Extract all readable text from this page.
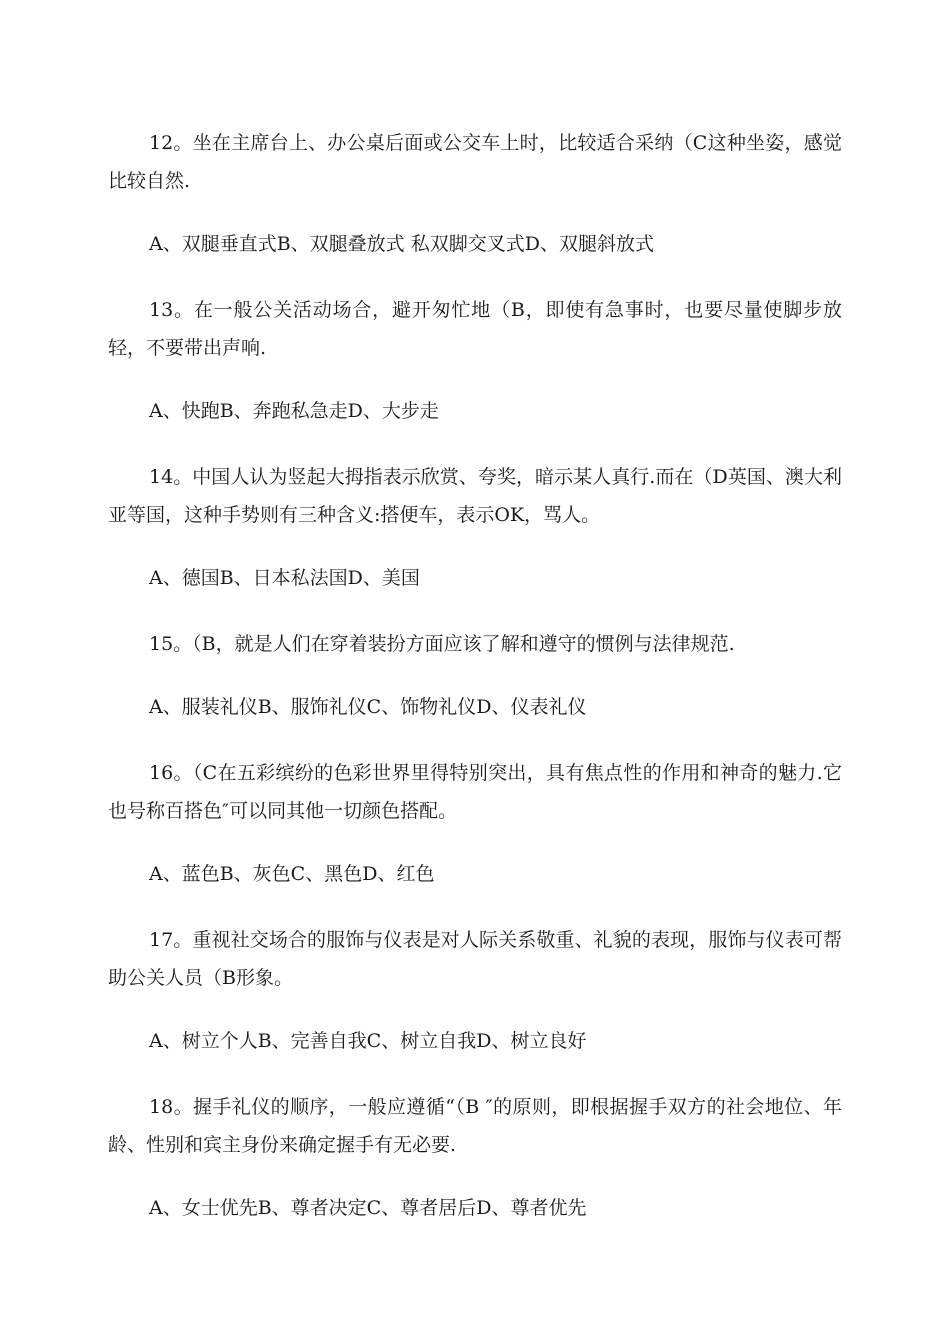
12。坐在主席台上、办公桌后面或公交车上时，比较适合采纳（C这种坐姿，感觉比较自然.

A、双腿垂直式B、双腿叠放式 私双脚交叉式D、双腿斜放式

13。在一般公关活动场合，避开匆忙地（B，即使有急事时，也要尽量使脚步放轻，不要带出声响.

A、快跑B、奔跑私急走D、大步走

14。中国人认为竖起大拇指表示欣赏、夸奖，暗示某人真行.而在（D英国、澳大利亚等国，这种手势则有三种含义:搭便车，表示OK，骂人。

A、德国B、日本私法国D、美国

15。（B，就是人们在穿着装扮方面应该了解和遵守的惯例与法律规范.

A、服装礼仪B、服饰礼仪C、饰物礼仪D、仪表礼仪

16。（C在五彩缤纷的色彩世界里得特别突出，具有焦点性的作用和神奇的魅力.它也号称百搭色″可以同其他一切颜色搭配。

A、蓝色B、灰色C、黑色D、红色

17。重视社交场合的服饰与仪表是对人际关系敬重、礼貌的表现，服饰与仪表可帮助公关人员（B形象。

A、树立个人B、完善自我C、树立自我D、树立良好

18。握手礼仪的顺序，一般应遵循“（B ″的原则，即根据握手双方的社会地位、年龄、性别和宾主身份来确定握手有无必要.

A、女士优先B、尊者决定C、尊者居后D、尊者优先
